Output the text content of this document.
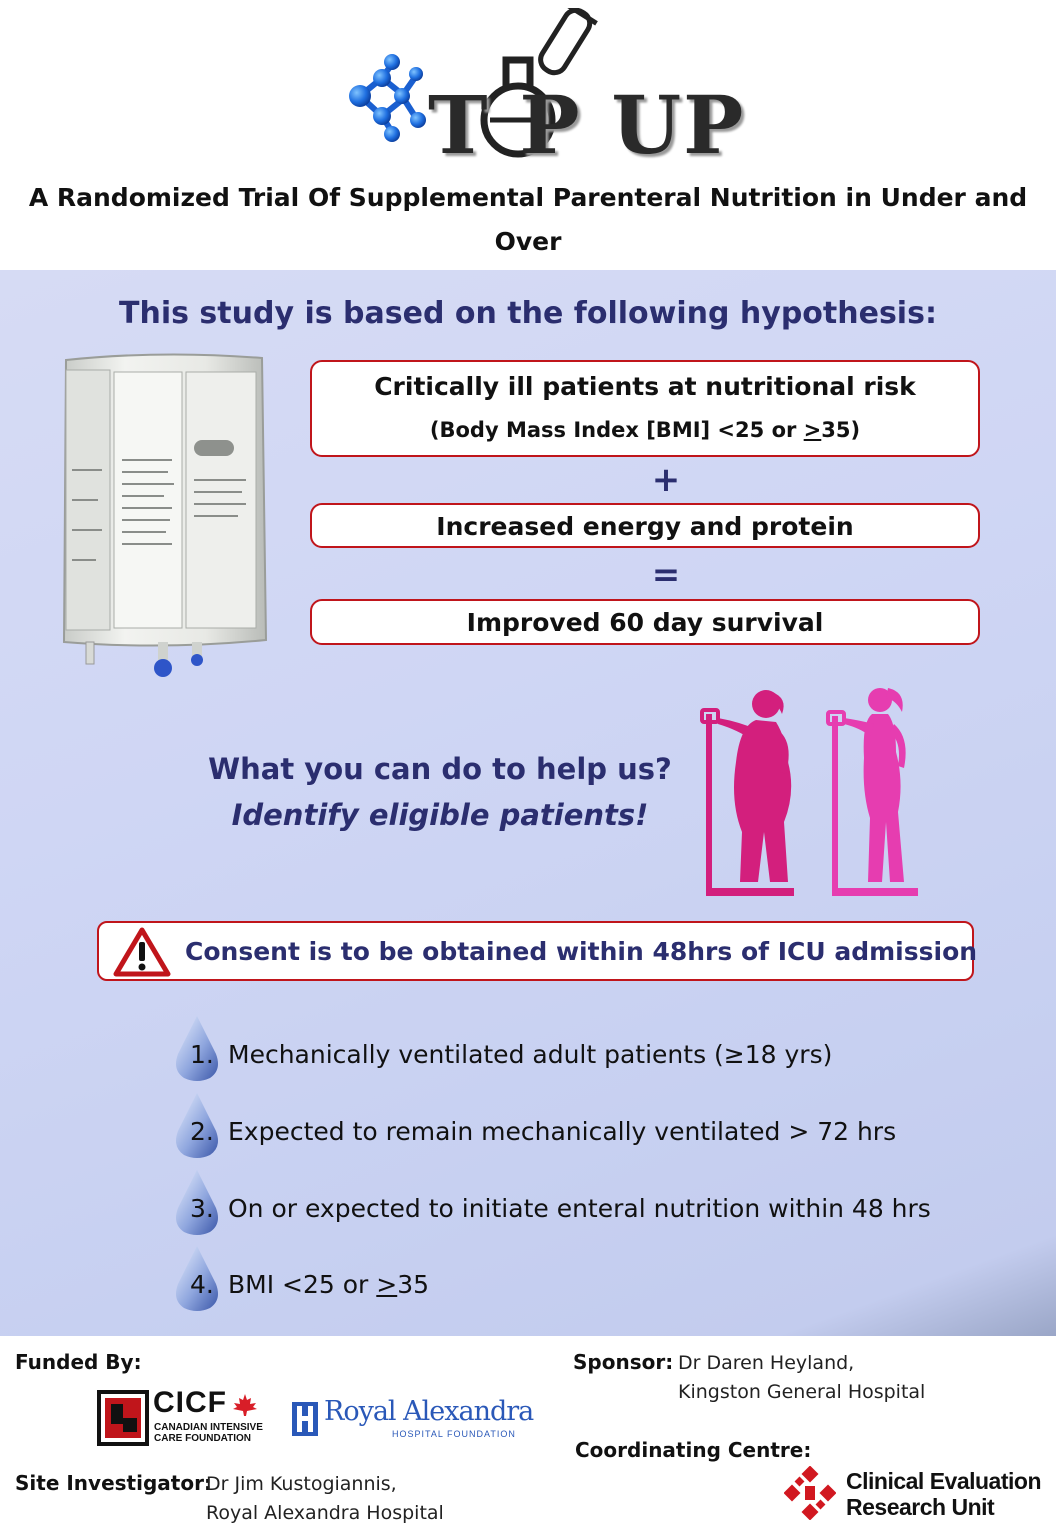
T P UP
A Randomized Trial Of Supplemental Parenteral Nutrition in Under and Over
This study is based on the following hypothesis:
Critically ill patients at nutritional risk
(Body Mass Index [BMI] <25 or >35)
+
Increased energy and protein
=
Improved 60 day survival
What you can do to help us?
Identify eligible patients!
Consent is to be obtained within 48hrs of ICU admission
1. Mechanically ventilated adult patients (≥18 yrs)
2. Expected to remain mechanically ventilated > 72 hrs
3. On or expected to initiate enteral nutrition within 48 hrs
4. BMI <25 or >35
Funded By:
CICF
CANADIAN INTENSIVE
CARE FOUNDATION
Royal Alexandra
HOSPITAL FOUNDATION
Site Investigator:
Dr Jim Kustogiannis,
Royal Alexandra Hospital
Sponsor: Dr Daren Heyland,
Kingston General Hospital
Coordinating Centre:
Clinical Evaluation
Research Unit
